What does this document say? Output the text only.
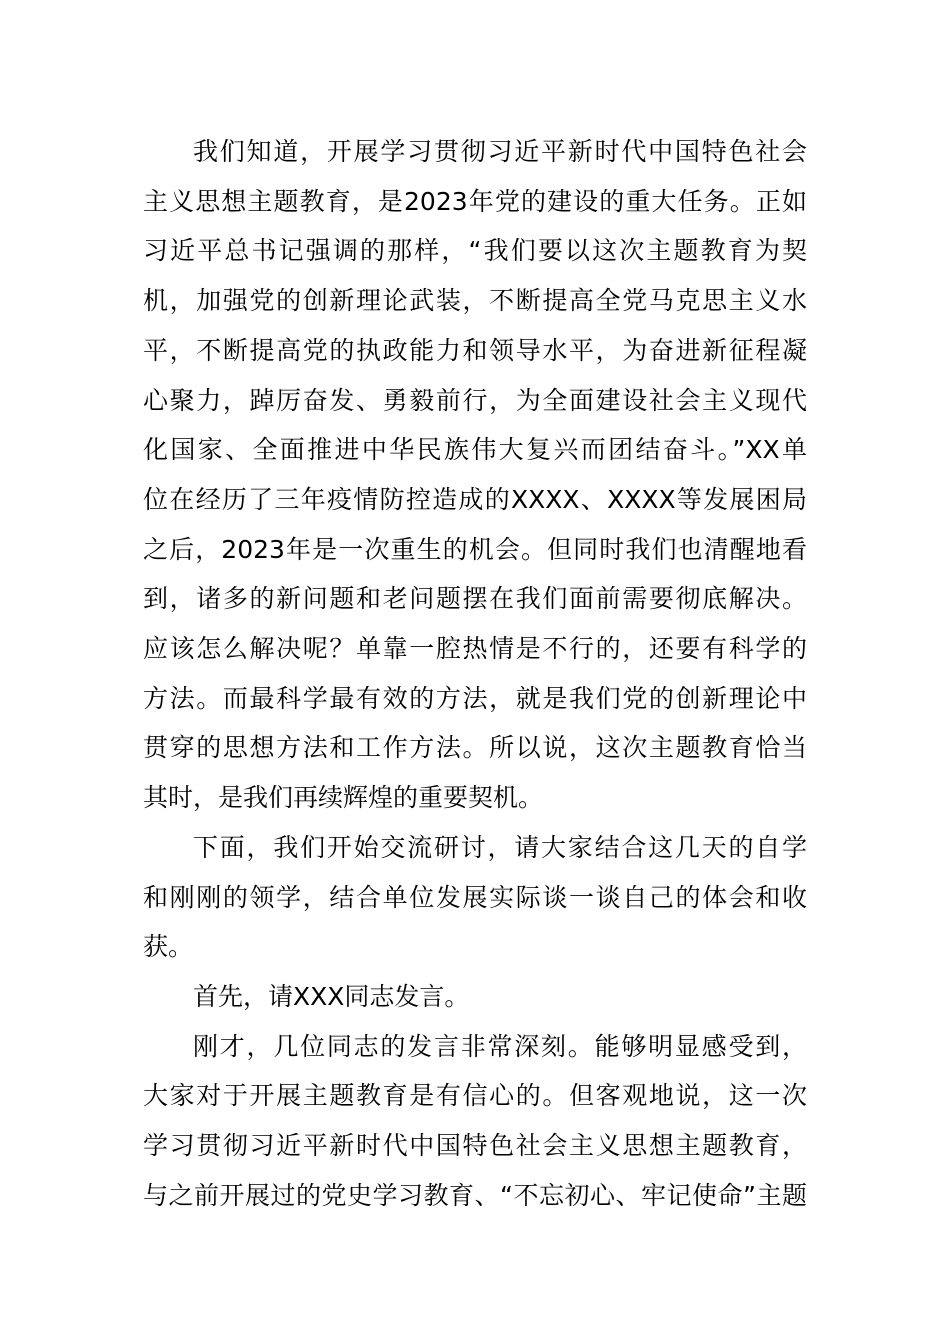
我们知道，开展学习贯彻习近平新时代中国特色社会
主义思想主题教育，是2023年党的建设的重大任务。正如
习近平总书记强调的那样，“我们要以这次主题教育为契
机，加强党的创新理论武装，不断提高全党马克思主义水
平，不断提高党的执政能力和领导水平，为奋进新征程凝
心聚力，踔厉奋发、勇毅前行，为全面建设社会主义现代
化国家、全面推进中华民族伟大复兴而团结奋斗。”XX单
位在经历了三年疫情防控造成的XXXX、XXXX等发展困局
之后，2023年是一次重生的机会。但同时我们也清醒地看
到，诸多的新问题和老问题摆在我们面前需要彻底解决。
应该怎么解决呢？单靠一腔热情是不行的，还要有科学的
方法。而最科学最有效的方法，就是我们党的创新理论中
贯穿的思想方法和工作方法。所以说，这次主题教育恰当
其时，是我们再续辉煌的重要契机。

下面，我们开始交流研讨，请大家结合这几天的自学
和刚刚的领学，结合单位发展实际谈一谈自己的体会和收
获。

首先，请XXX同志发言。

刚才，几位同志的发言非常深刻。能够明显感受到，
大家对于开展主题教育是有信心的。但客观地说，这一次
学习贯彻习近平新时代中国特色社会主义思想主题教育，
与之前开展过的党史学习教育、“不忘初心、牢记使命”主题
